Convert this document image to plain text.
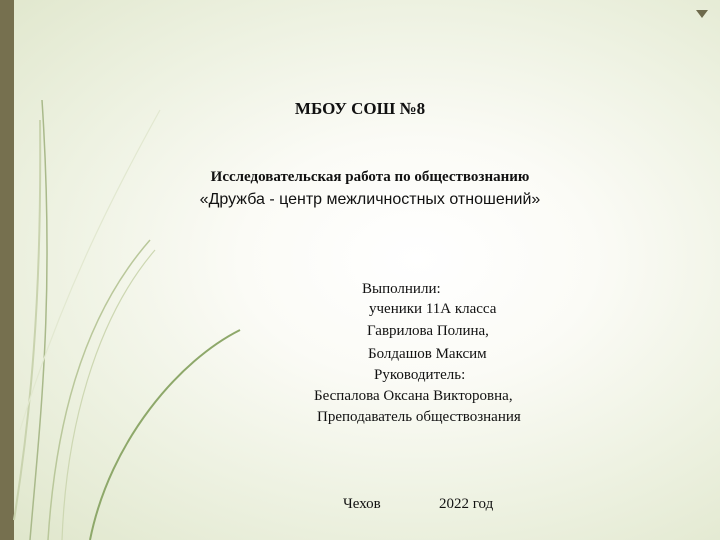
МБОУ СОШ №8
Исследовательская работа по обществознанию
«Дружба - центр межличностных отношений»
Выполнили:
ученики 11А класса
Гаврилова Полина,
Болдашов Максим
Руководитель:
Беспалова Оксана Викторовна,
Преподаватель обществознания
Чехов	2022 год
